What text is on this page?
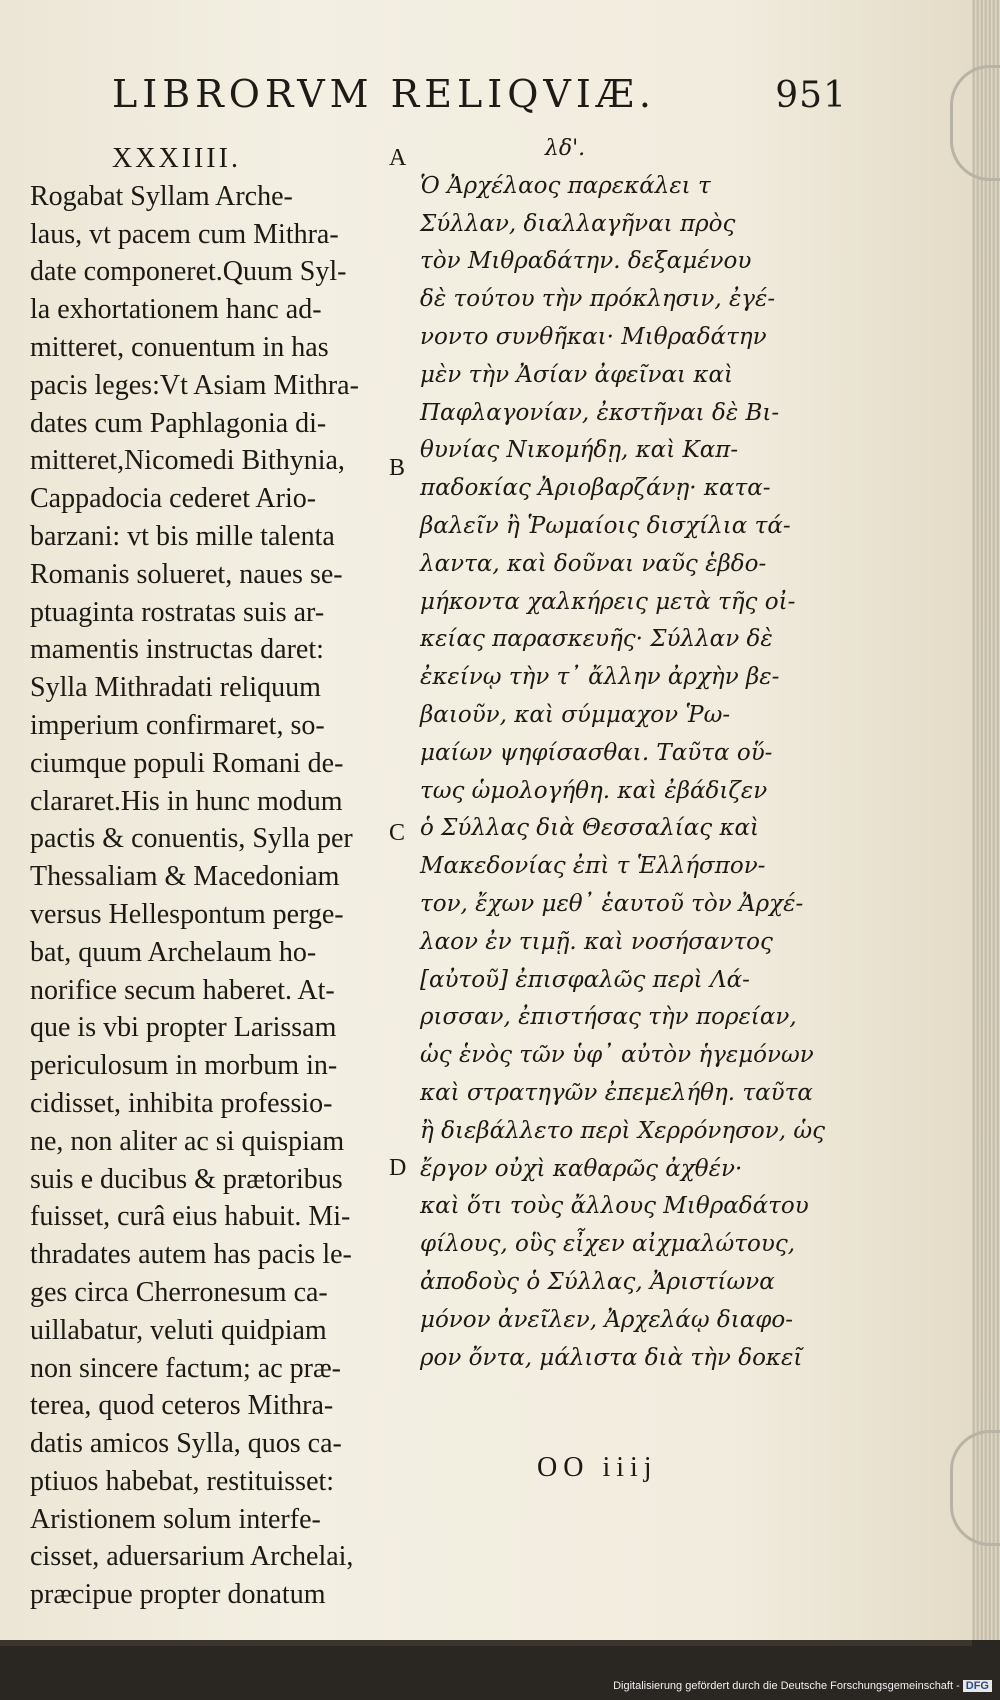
LIBRORVM RELIQVIÆ.	951
XXXIIII.
Rogabat Syllam Arche-
laus, vt pacem cum Mithra-
date componeret.Quum Syl-
la exhortationem hanc ad-
mitteret, conuentum in has
pacis leges:Vt Asiam Mithra-
dates cum Paphlagonia di-
mitteret,Nicomedi Bithynia,
Cappadocia cederet Ario-
barzani: vt bis mille talenta
Romanis solueret, naues se-
ptuaginta rostratas suis ar-
mamentis instructas daret:
Sylla Mithradati reliquum
imperium confirmaret, so-
ciumque populi Romani de-
clararet.His in hunc modum
pactis & conuentis, Sylla per
Thessaliam & Macedoniam
versus Hellespontum perge-
bat, quum Archelaum ho-
norifice secum haberet. At-
que is vbi propter Larissam
periculosum in morbum in-
cidisset, inhibita professio-
ne, non aliter ac si quispiam
suis e ducibus & prætoribus
fuisset, curâ eius habuit. Mi-
thradates autem has pacis le-
ges circa Cherronesum ca-
uillabatur, veluti quidpiam
non sincere factum; ac præ-
terea, quod ceteros Mithra-
datis amicos Sylla, quos ca-
ptiuos habebat, restituisset:
Aristionem solum interfe-
cisset, aduersarium Archelai,
præcipue propter donatum
λδ'.
Ὁ Ἀρχέλαος παρεκάλει τ
Σύλλαν, διαλλαγῆναι πρὸς
τὸν Μιθραδάτην. δεξαμένου
δὲ τούτου τὴν πρόκλησιν, ἐγέ-
νοντο συνθῆκαι· Μιθραδάτην
μὲν τὴν Ἀσίαν ἀφεῖναι καὶ
Παφλαγονίαν, ἐκστῆναι δὲ Βι-
θυνίας Νικομήδῃ, καὶ Καπ-
παδοκίας Ἀριοβαρζάνῃ· κατα-
βαλεῖν ἢ Ῥωμαίοις δισχίλια τά-
λαντα, καὶ δοῦναι ναῦς ἑβδο-
μήκοντα χαλκήρεις μετὰ τῆς οἰ-
κείας παρασκευῆς· Σύλλαν δὲ
ἐκείνῳ τὴν τ᾽ ἄλλην ἀρχὴν βε-
βαιοῦν, καὶ σύμμαχον Ῥω-
μαίων ψηφίσασθαι. Ταῦτα οὕ-
τως ὡμολογήθη. καὶ ἐβάδιζεν
ὁ Σύλλας διὰ Θεσσαλίας καὶ
Μακεδονίας ἐπὶ τ Ἑλλήσπον-
τον, ἔχων μεθ᾽ ἑαυτοῦ τὸν Ἀρχέ-
λαον ἐν τιμῇ. καὶ νοσήσαντος
[αὐτοῦ] ἐπισφαλῶς περὶ Λά-
ρισσαν, ἐπιστήσας τὴν πορείαν,
ὡς ἑνὸς τῶν ὑφ᾽ αὐτὸν ἡγεμόνων
καὶ στρατηγῶν ἐπεμελήθη. ταῦτα
ἢ διεβάλλετο περὶ Χερρόνησον, ὡς
ἔργον οὐχὶ καθαρῶς ἀχθέν·
καὶ ὅτι τοὺς ἄλλους Μιθραδάτου
φίλους, οὓς εἶχεν αἰχμαλώτους,
ἀποδοὺς ὁ Σύλλας, Ἀριστίωνα
μόνον ἀνεῖλεν, Ἀρχελάῳ διαφο-
ρον ὄντα, μάλιστα διὰ τὴν δοκεῖ
A
B
C
D
OO iiij
Digitalisierung gefördert durch die Deutsche Forschungsgemeinschaft - DFG
